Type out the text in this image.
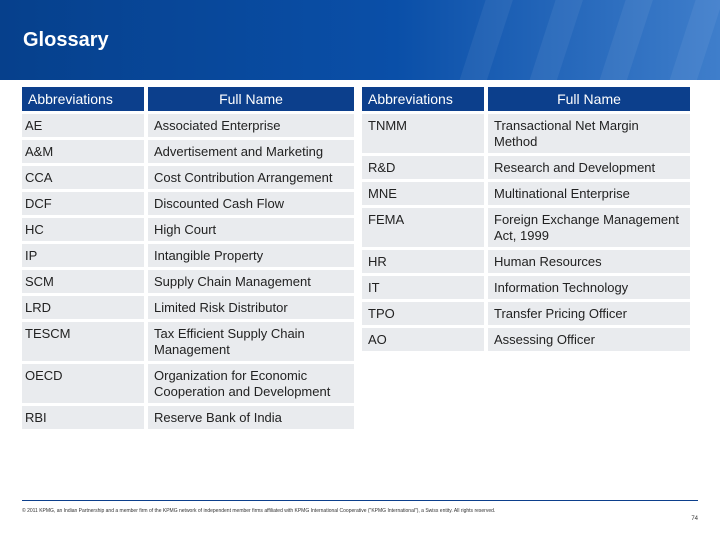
Glossary
Abbreviations	Full Name
AE	Associated Enterprise
A&M	Advertisement and Marketing
CCA	Cost Contribution Arrangement
DCF	Discounted Cash Flow
HC	High Court
IP	Intangible Property
SCM	Supply Chain Management
LRD	Limited Risk Distributor
TESCM	Tax Efficient Supply Chain Management
OECD	Organization for Economic Cooperation and Development
RBI	Reserve Bank of India
Abbreviations	Full Name
TNMM	Transactional Net Margin Method
R&D	Research and Development
MNE	Multinational Enterprise
FEMA	Foreign Exchange Management Act, 1999
HR	Human Resources
IT	Information Technology
TPO	Transfer Pricing Officer
AO	Assessing Officer
© 2011 KPMG, an Indian Partnership and a member firm of the KPMG network of independent member firms affiliated with KPMG International Cooperative ("KPMG International"), a Swiss entity. All rights reserved.
74
